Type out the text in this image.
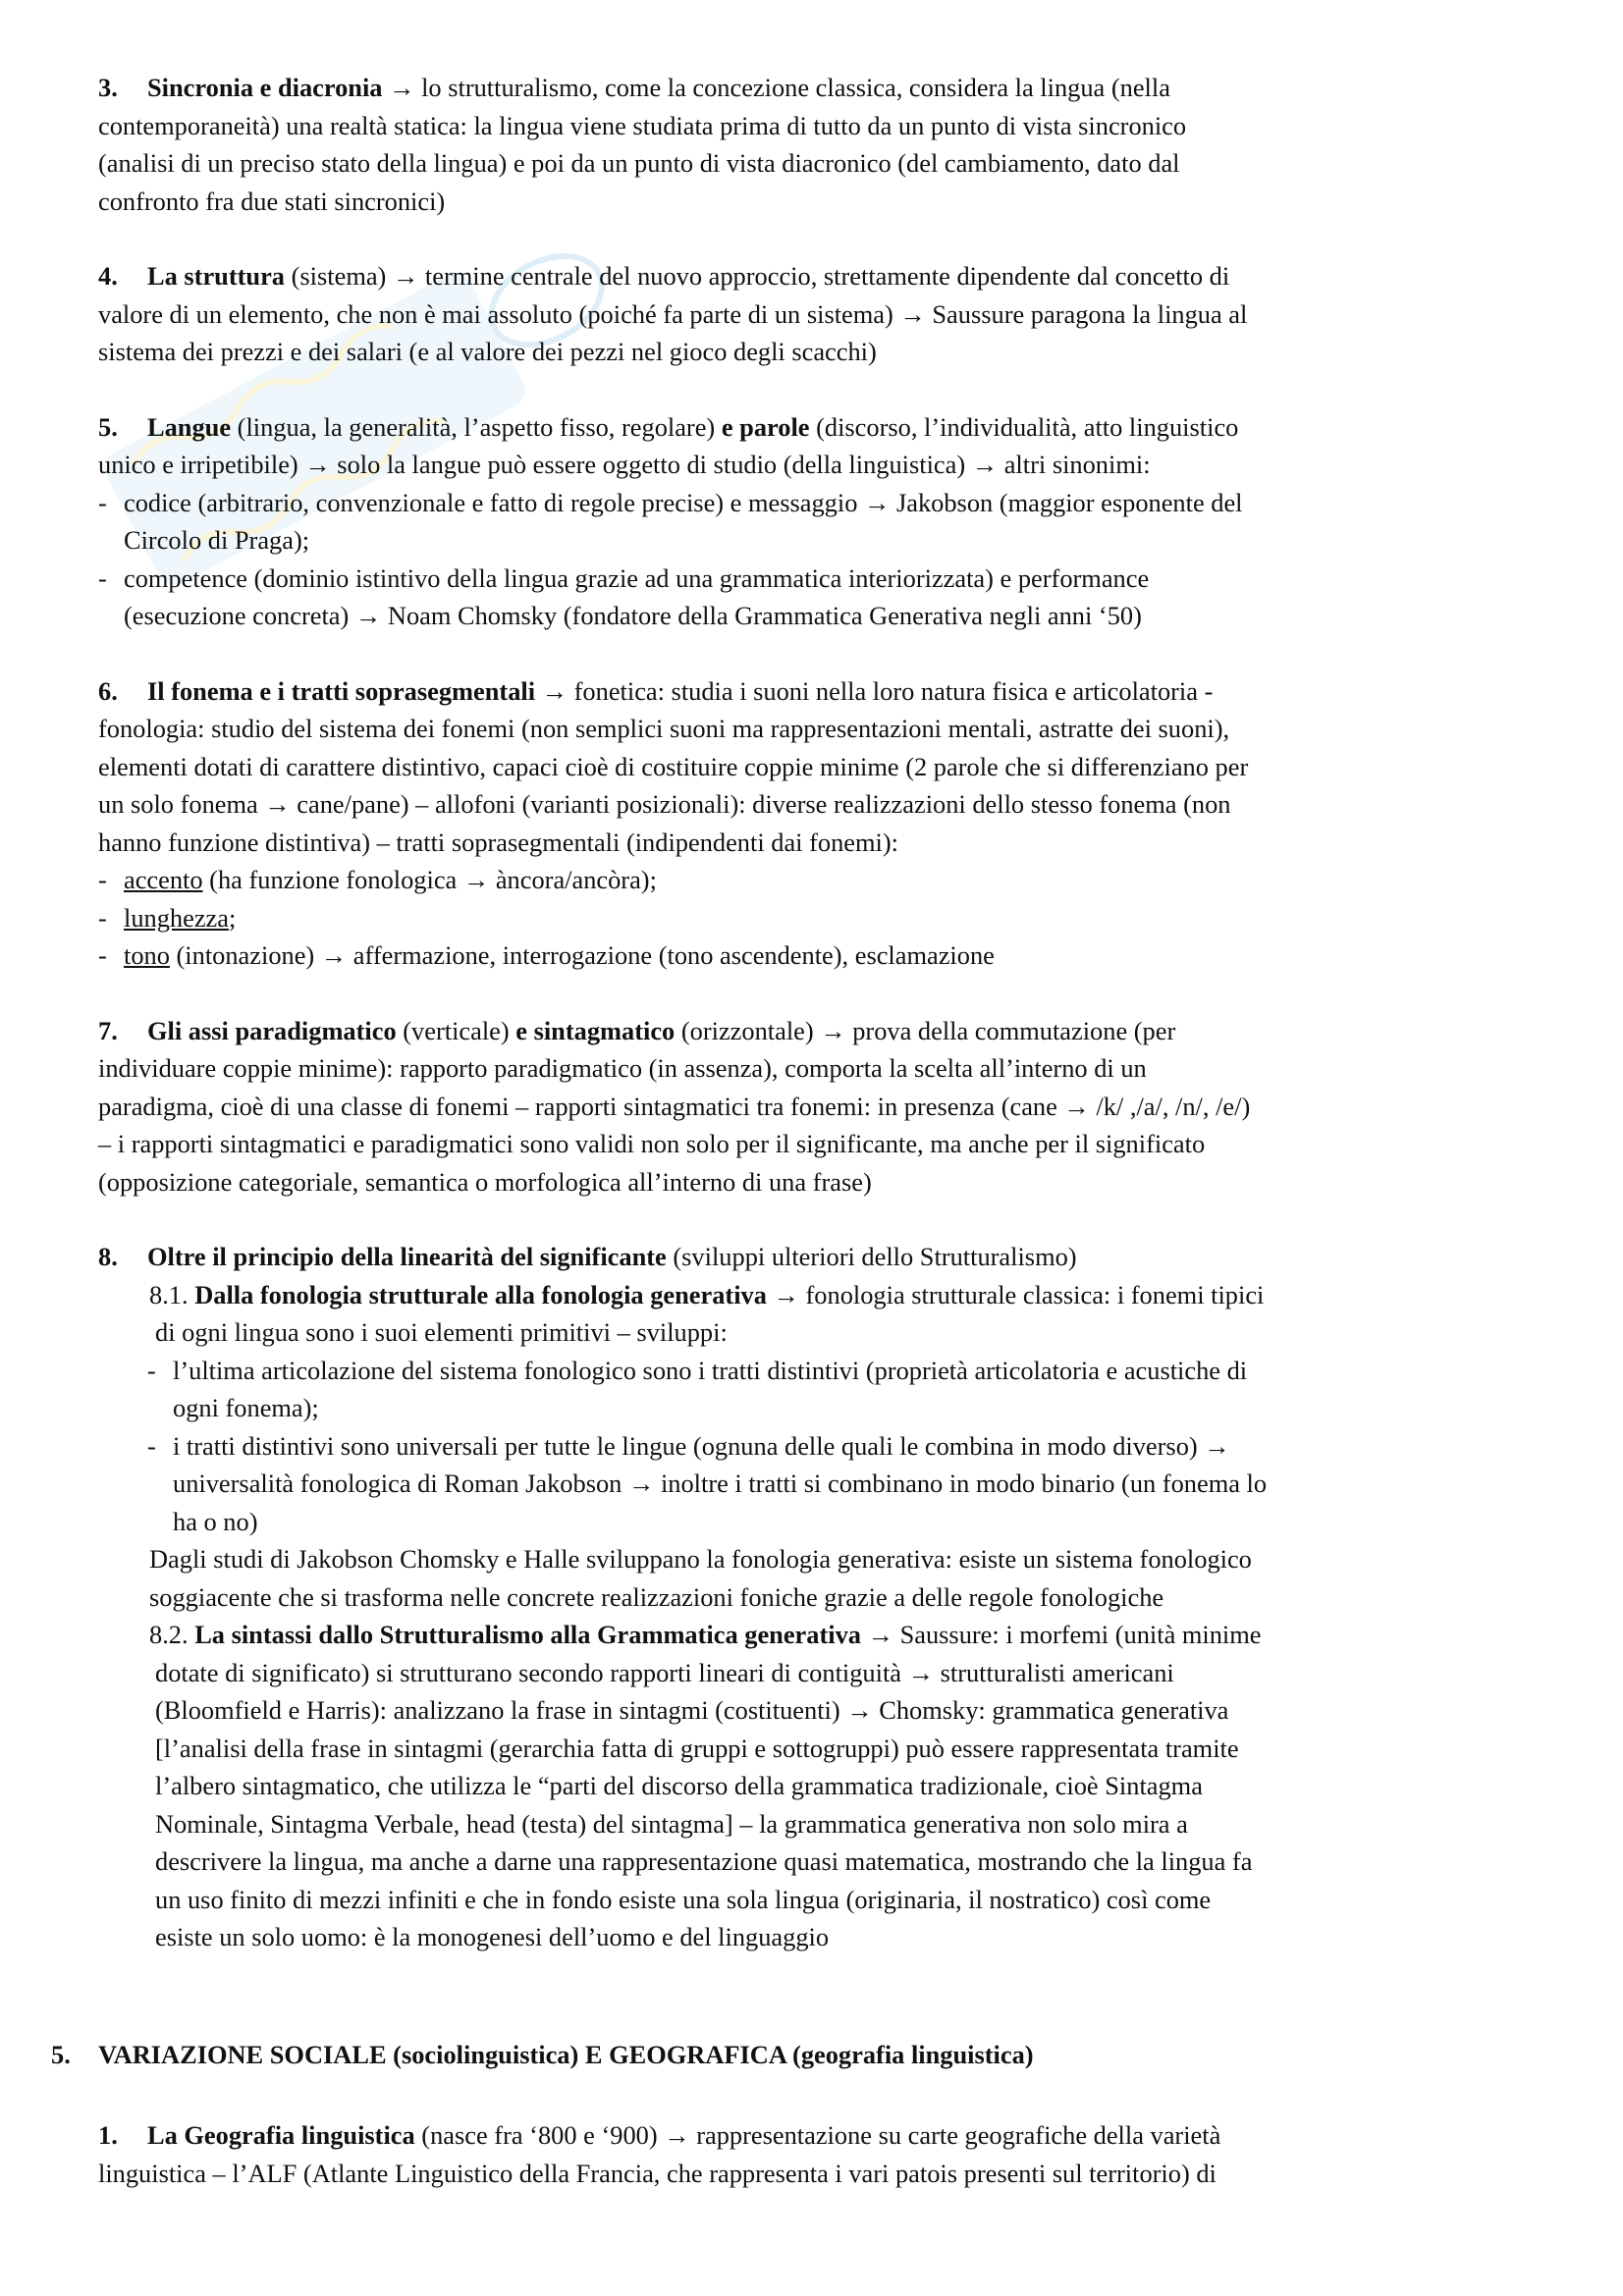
3. Sincronia e diacronia → lo strutturalismo, come la concezione classica, considera la lingua (nella
contemporaneità) una realtà statica: la lingua viene studiata prima di tutto da un punto di vista sincronico
(analisi di un preciso stato della lingua) e poi da un punto di vista diacronico (del cambiamento, dato dal
confronto fra due stati sincronici)
4. La struttura (sistema) → termine centrale del nuovo approccio, strettamente dipendente dal concetto di
valore di un elemento, che non è mai assoluto (poiché fa parte di un sistema) → Saussure paragona la lingua al
sistema dei prezzi e dei salari (e al valore dei pezzi nel gioco degli scacchi)
5. Langue (lingua, la generalità, l’aspetto fisso, regolare) e parole (discorso, l’individualità, atto linguistico
unico e irripetibile) → solo la langue può essere oggetto di studio (della linguistica) → altri sinonimi:
- codice (arbitrario, convenzionale e fatto di regole precise) e messaggio → Jakobson (maggior esponente del
Circolo di Praga);
- competence (dominio istintivo della lingua grazie ad una grammatica interiorizzata) e performance
(esecuzione concreta) → Noam Chomsky (fondatore della Grammatica Generativa negli anni ‘50)
6. Il fonema e i tratti soprasegmentali → fonetica: studia i suoni nella loro natura fisica e articolatoria -
fonologia: studio del sistema dei fonemi (non semplici suoni ma rappresentazioni mentali, astratte dei suoni),
elementi dotati di carattere distintivo, capaci cioè di costituire coppie minime (2 parole che si differenziano per
un solo fonema → cane/pane) – allofoni (varianti posizionali): diverse realizzazioni dello stesso fonema (non
hanno funzione distintiva) – tratti soprasegmentali (indipendenti dai fonemi):
- accento (ha funzione fonologica → àncora/ancòra);
- lunghezza;
- tono (intonazione) → affermazione, interrogazione (tono ascendente), esclamazione
7. Gli assi paradigmatico (verticale) e sintagmatico (orizzontale) → prova della commutazione (per
individuare coppie minime): rapporto paradigmatico (in assenza), comporta la scelta all’interno di un
paradigma, cioè di una classe di fonemi – rapporti sintagmatici tra fonemi: in presenza (cane → /k/ ,/a/, /n/, /e/)
– i rapporti sintagmatici e paradigmatici sono validi non solo per il significante, ma anche per il significato
(opposizione categoriale, semantica o morfologica all’interno di una frase)
8. Oltre il principio della linearità del significante (sviluppi ulteriori dello Strutturalismo)
8.1. Dalla fonologia strutturale alla fonologia generativa → fonologia strutturale classica: i fonemi tipici
di ogni lingua sono i suoi elementi primitivi – sviluppi:
- l’ultima articolazione del sistema fonologico sono i tratti distintivi (proprietà articolatoria e acustiche di
ogni fonema);
- i tratti distintivi sono universali per tutte le lingue (ognuna delle quali le combina in modo diverso) →
universalità fonologica di Roman Jakobson → inoltre i tratti si combinano in modo binario (un fonema lo
ha o no)
Dagli studi di Jakobson Chomsky e Halle sviluppano la fonologia generativa: esiste un sistema fonologico
soggiacente che si trasforma nelle concrete realizzazioni foniche grazie a delle regole fonologiche
8.2. La sintassi dallo Strutturalismo alla Grammatica generativa → Saussure: i morfemi (unità minime
dotate di significato) si strutturano secondo rapporti lineari di contiguità → strutturalisti americani
(Bloomfield e Harris): analizzano la frase in sintagmi (costituenti) → Chomsky: grammatica generativa
[l’analisi della frase in sintagmi (gerarchia fatta di gruppi e sottogruppi) può essere rappresentata tramite
l’albero sintagmatico, che utilizza le “parti del discorso della grammatica tradizionale, cioè Sintagma
Nominale, Sintagma Verbale, head (testa) del sintagma] – la grammatica generativa non solo mira a
descrivere la lingua, ma anche a darne una rappresentazione quasi matematica, mostrando che la lingua fa
un uso finito di mezzi infiniti e che in fondo esiste una sola lingua (originaria, il nostratico) così come
esiste un solo uomo: è la monogenesi dell’uomo e del linguaggio
5. VARIAZIONE SOCIALE (sociolinguistica) E GEOGRAFICA (geografia linguistica)
1. La Geografia linguistica (nasce fra ‘800 e ‘900) → rappresentazione su carte geografiche della varietà
linguistica – l’ALF (Atlante Linguistico della Francia, che rappresenta i vari patois presenti sul territorio) di
